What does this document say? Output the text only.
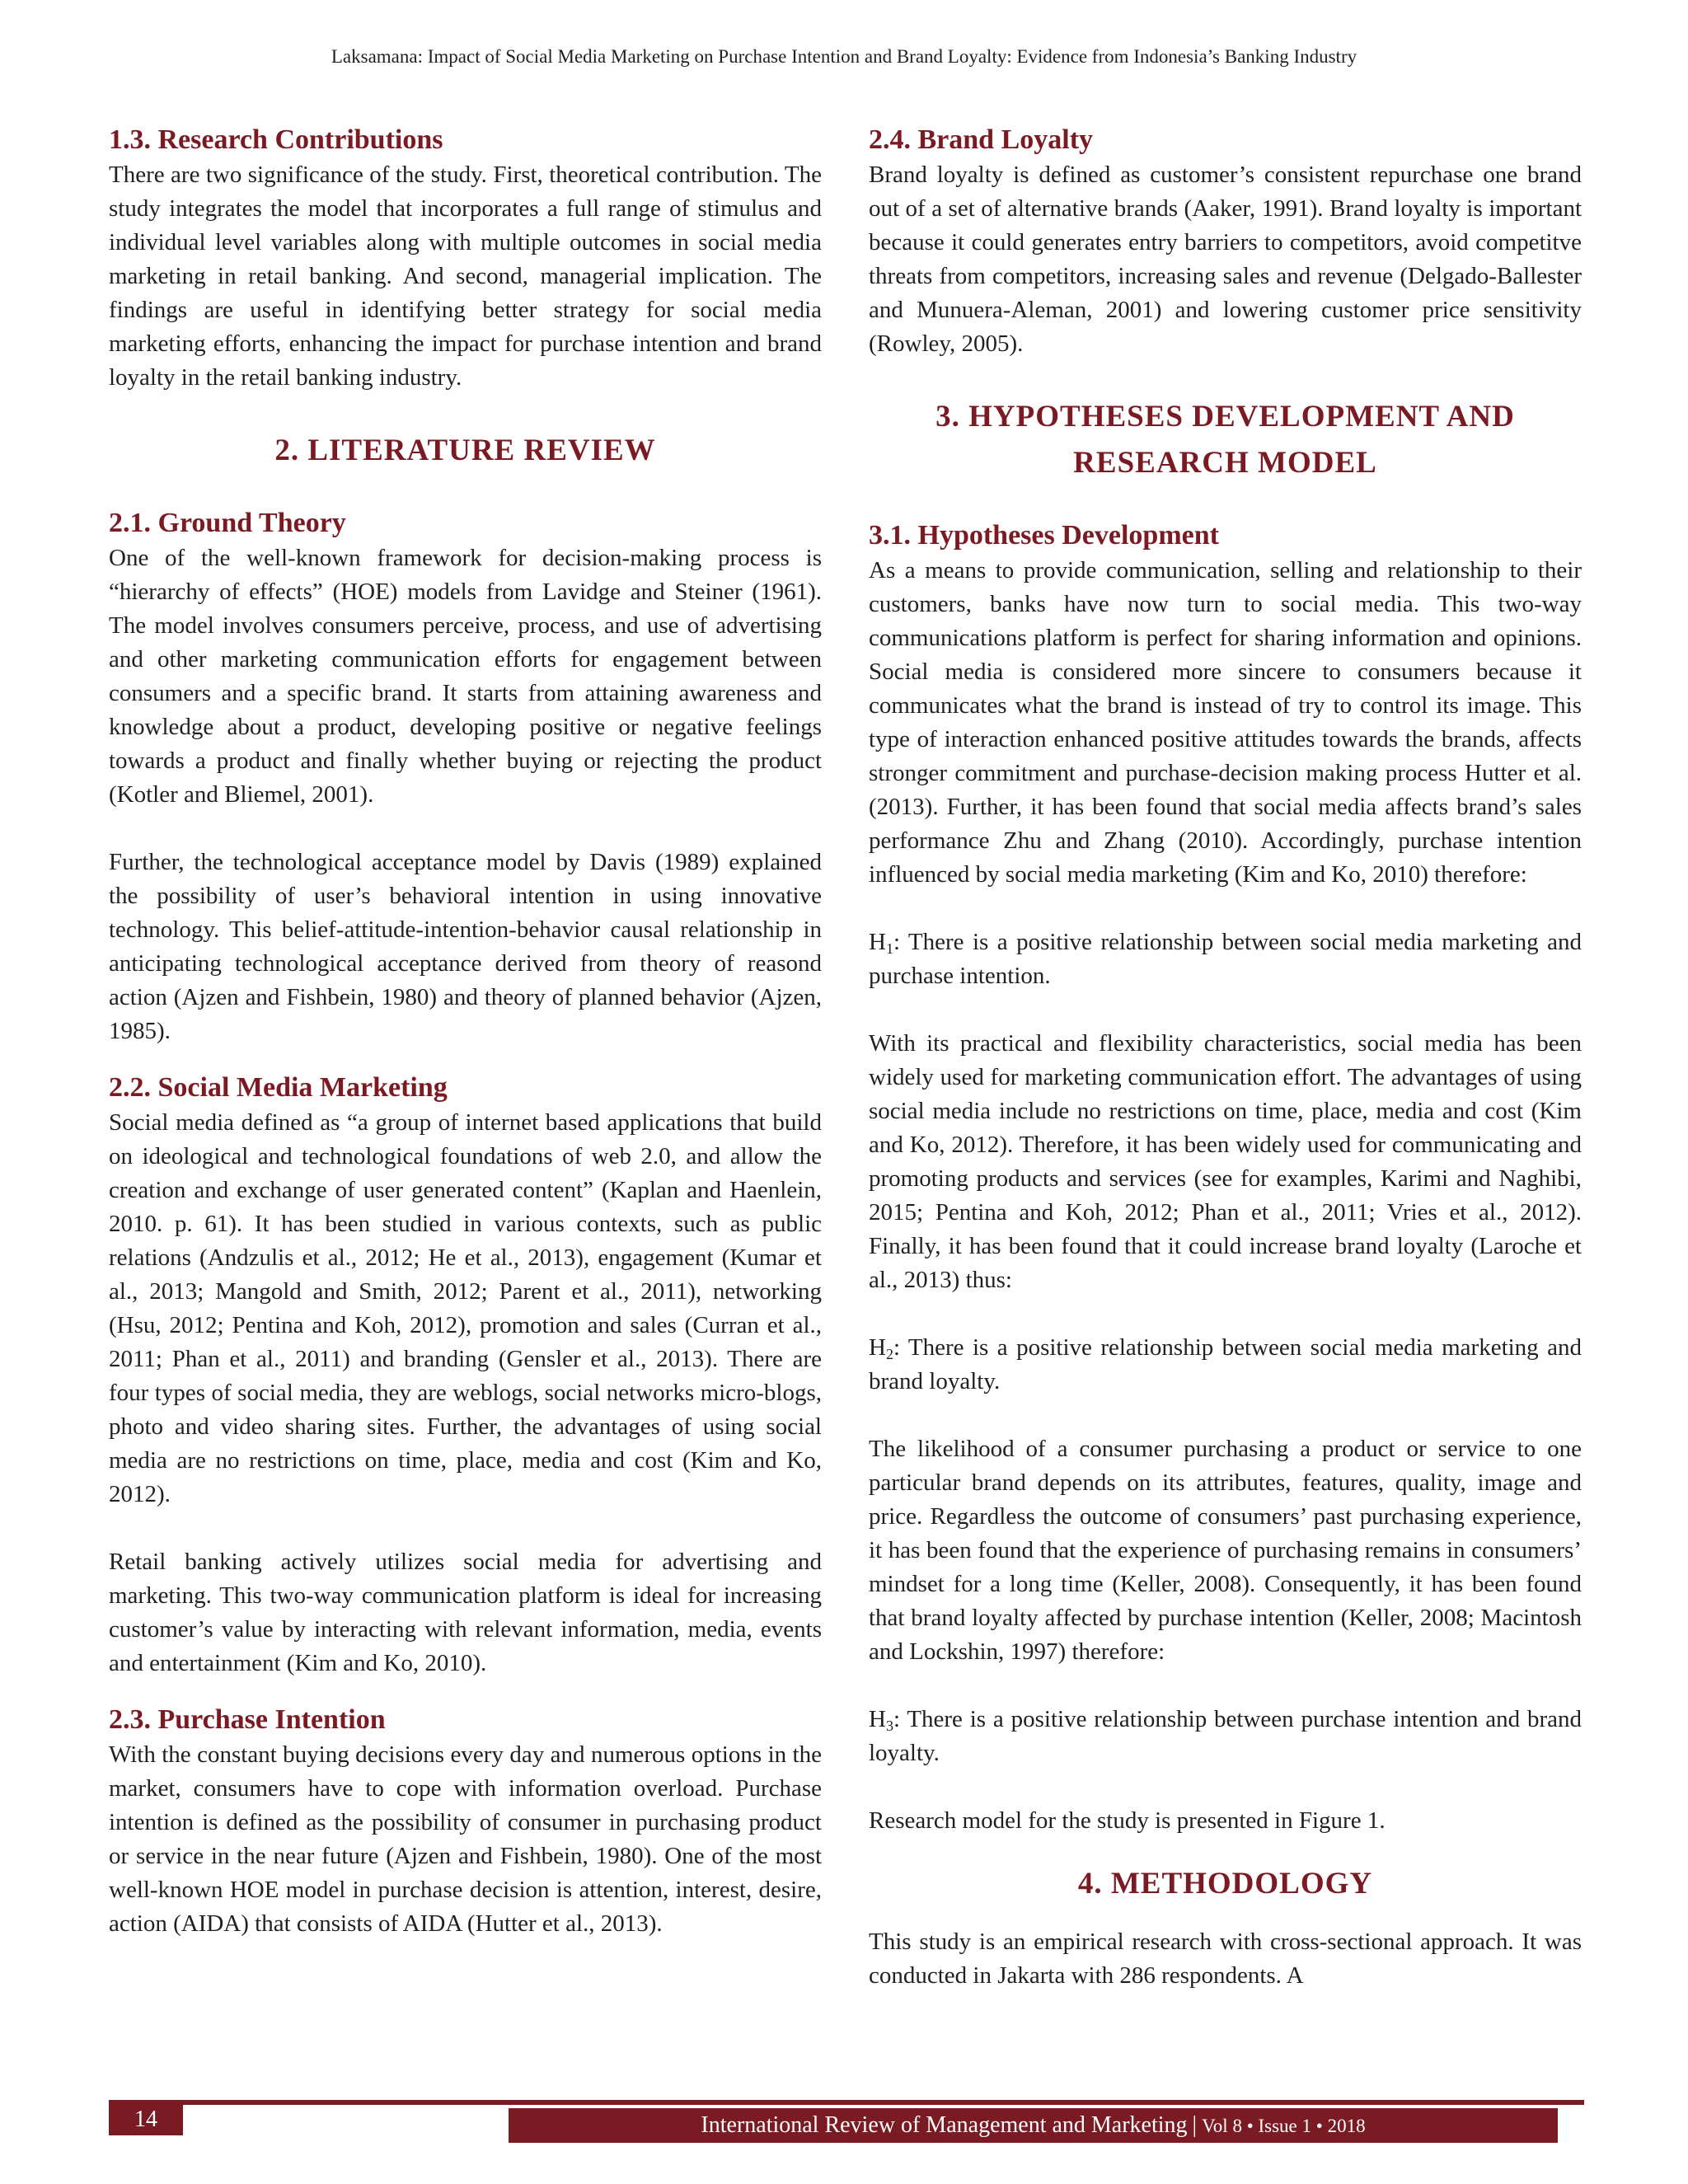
Laksamana: Impact of Social Media Marketing on Purchase Intention and Brand Loyalty: Evidence from Indonesia’s Banking Industry
1.3. Research Contributions

There are two significance of the study. First, theoretical contribution. The study integrates the model that incorporates a full range of stimulus and individual level variables along with multiple outcomes in social media marketing in retail banking. And second, managerial implication. The findings are useful in identifying better strategy for social media marketing efforts, enhancing the impact for purchase intention and brand loyalty in the retail banking industry.

2. LITERATURE REVIEW
2.1. Ground Theory

One of the well-known framework for decision-making process is “hierarchy of effects” (HOE) models from Lavidge and Steiner (1961). The model involves consumers perceive, process, and use of advertising and other marketing communication efforts for engagement between consumers and a specific brand. It starts from attaining awareness and knowledge about a product, developing positive or negative feelings towards a product and finally whether buying or rejecting the product (Kotler and Bliemel, 2001).

Further, the technological acceptance model by Davis (1989) explained the possibility of user’s behavioral intention in using innovative technology. This belief-attitude-intention-behavior causal relationship in anticipating technological acceptance derived from theory of reasond action (Ajzen and Fishbein, 1980) and theory of planned behavior (Ajzen, 1985).

2.2. Social Media Marketing

Social media defined as “a group of internet based applications that build on ideological and technological foundations of web 2.0, and allow the creation and exchange of user generated content” (Kaplan and Haenlein, 2010. p. 61). It has been studied in various contexts, such as public relations (Andzulis et al., 2012; He et al., 2013), engagement (Kumar et al., 2013; Mangold and Smith, 2012; Parent et al., 2011), networking (Hsu, 2012; Pentina and Koh, 2012), promotion and sales (Curran et al., 2011; Phan et al., 2011) and branding (Gensler et al., 2013). There are four types of social media, they are weblogs, social networks micro-blogs, photo and video sharing sites. Further, the advantages of using social media are no restrictions on time, place, media and cost (Kim and Ko, 2012).

Retail banking actively utilizes social media for advertising and marketing. This two-way communication platform is ideal for increasing customer’s value by interacting with relevant information, media, events and entertainment (Kim and Ko, 2010).

2.3. Purchase Intention

With the constant buying decisions every day and numerous options in the market, consumers have to cope with information overload. Purchase intention is defined as the possibility of consumer in purchasing product or service in the near future (Ajzen and Fishbein, 1980). One of the most well-known HOE model in purchase decision is attention, interest, desire, action (AIDA) that consists of AIDA (Hutter et al., 2013).

2.4. Brand Loyalty

Brand loyalty is defined as customer’s consistent repurchase one brand out of a set of alternative brands (Aaker, 1991). Brand loyalty is important because it could generates entry barriers to competitors, avoid competitve threats from competitors, increasing sales and revenue (Delgado-Ballester and Munuera-Aleman, 2001) and lowering customer price sensitivity (Rowley, 2005).

3. HYPOTHESES DEVELOPMENT AND
RESEARCH MODEL
3.1. Hypotheses Development

As a means to provide communication, selling and relationship to their customers, banks have now turn to social media. This two-way communications platform is perfect for sharing information and opinions. Social media is considered more sincere to consumers because it communicates what the brand is instead of try to control its image. This type of interaction enhanced positive attitudes towards the brands, affects stronger commitment and purchase-decision making process Hutter et al. (2013). Further, it has been found that social media affects brand’s sales performance Zhu and Zhang (2010). Accordingly, purchase intention influenced by social media marketing (Kim and Ko, 2010) therefore:

$H_1$: There is a positive relationship between social media marketing and purchase intention.

With its practical and flexibility characteristics, social media has been widely used for marketing communication effort. The advantages of using social media include no restrictions on time, place, media and cost (Kim and Ko, 2012). Therefore, it has been widely used for communicating and promoting products and services (see for examples, Karimi and Naghibi, 2015; Pentina and Koh, 2012; Phan et al., 2011; Vries et al., 2012). Finally, it has been found that it could increase brand loyalty (Laroche et al., 2013) thus:

$H_2$: There is a positive relationship between social media marketing and brand loyalty.

The likelihood of a consumer purchasing a product or service to one particular brand depends on its attributes, features, quality, image and price. Regardless the outcome of consumers’ past purchasing experience, it has been found that the experience of purchasing remains in consumers’ mindset for a long time (Keller, 2008). Consequently, it has been found that brand loyalty affected by purchase intention (Keller, 2008; Macintosh and Lockshin, 1997) therefore:

$H_3$: There is a positive relationship between purchase intention and brand loyalty.

Research model for the study is presented in Figure 1.

4. METHODOLOGY

This study is an empirical research with cross-sectional approach. It was conducted in Jakarta with 286 respondents. A

14	International Review of Management and Marketing | Vol 8 • Issue 1 • 2018
